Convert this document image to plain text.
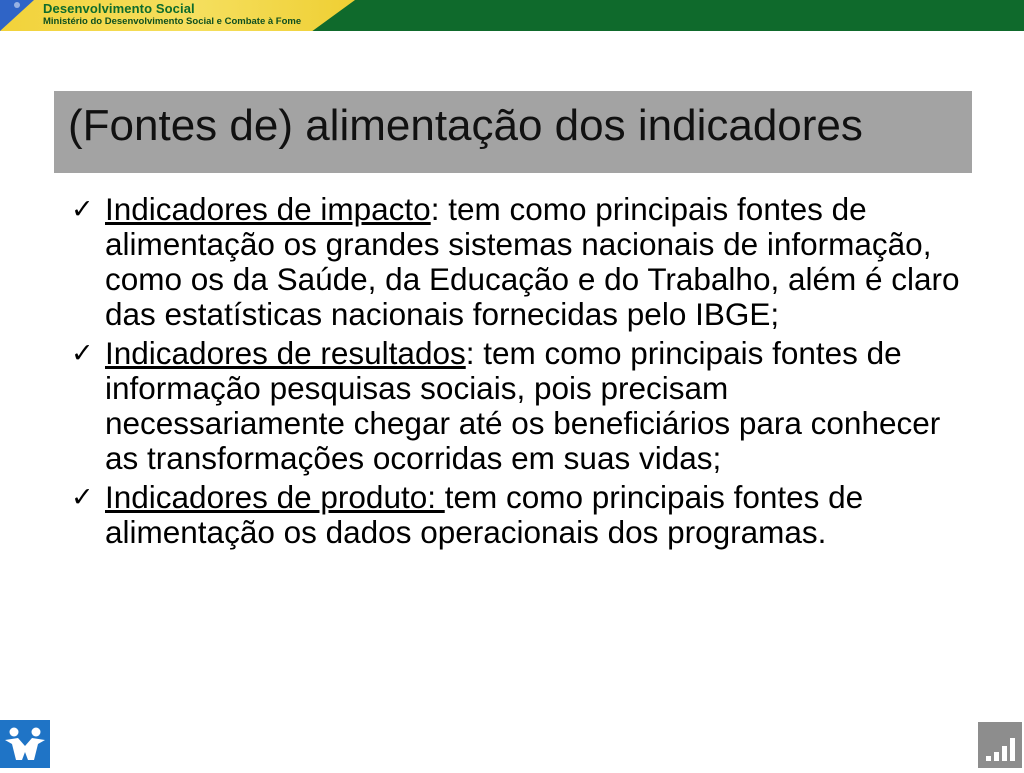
Desenvolvimento Social
Ministério do Desenvolvimento Social e Combate à Fome
(Fontes de) alimentação dos indicadores
✓ Indicadores de impacto: tem como principais fontes de alimentação os grandes sistemas nacionais de informação, como os da Saúde, da Educação e do Trabalho, além é claro das estatísticas nacionais fornecidas pelo IBGE;
✓ Indicadores de resultados: tem como principais fontes de informação pesquisas sociais, pois precisam necessariamente chegar até os beneficiários para conhecer as transformações ocorridas em suas vidas;
✓ Indicadores de produto: tem como principais fontes de alimentação os dados operacionais dos programas.
